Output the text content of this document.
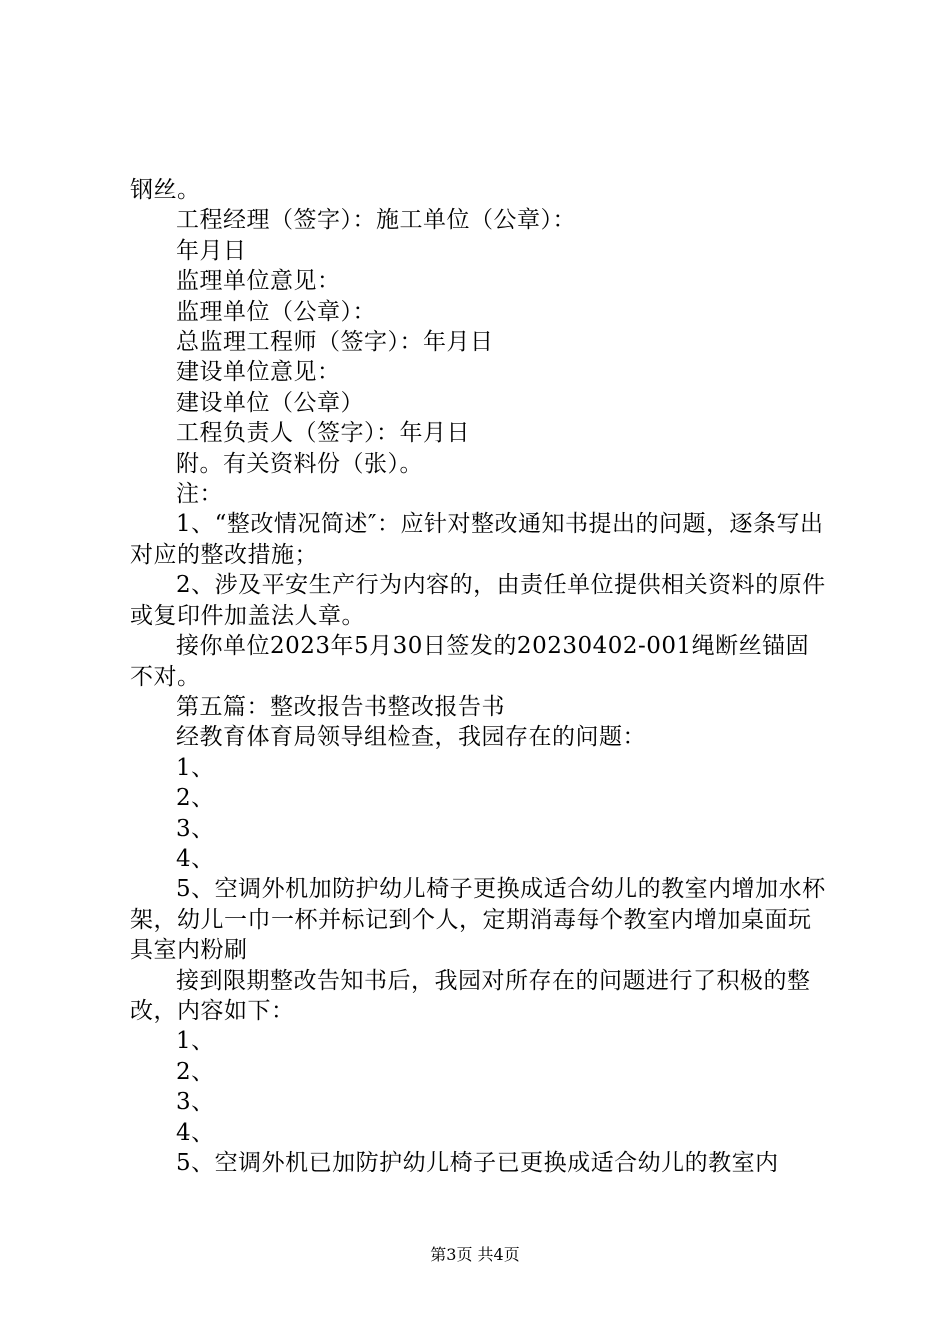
钢丝。

工程经理（签字）：施工单位（公章）：

年月日

监理单位意见：

监理单位（公章）：

总监理工程师（签字）：年月日

建设单位意见：

建设单位（公章）

工程负责人（签字）：年月日

附。有关资料份（张）。

注：

1、“整改情况简述″：应针对整改通知书提出的问题，逐条写出对应的整改措施；

2、涉及平安生产行为内容的，由责任单位提供相关资料的原件或复印件加盖法人章。

接你单位2023年5月30日签发的20230402-001绳断丝锚固不对。

第五篇：整改报告书整改报告书

经教育体育局领导组检查，我园存在的问题：

1、

2、

3、

4、

5、空调外机加防护幼儿椅子更换成适合幼儿的教室内增加水杯架，幼儿一巾一杯并标记到个人，定期消毒每个教室内增加桌面玩具室内粉刷

接到限期整改告知书后，我园对所存在的问题进行了积极的整改，内容如下：

1、

2、

3、

4、

5、空调外机已加防护幼儿椅子已更换成适合幼儿的教室内

第3页 共4页
